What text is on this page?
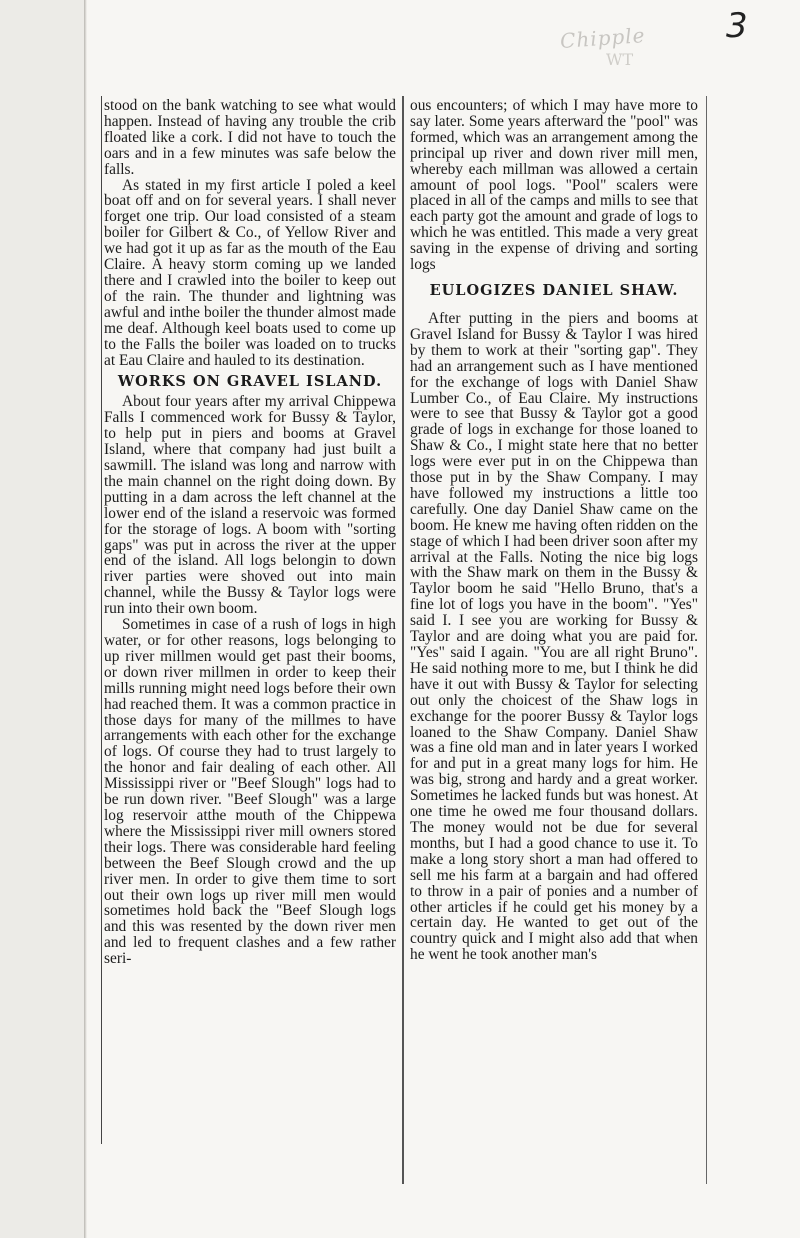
3
Chipple
WT

stood on the bank watching to see what would happen. Instead of having any trouble the crib floated like a cork. I did not have to touch the oars and in a few minutes was safe below the falls.

As stated in my first article I poled a keel boat off and on for several years. I shall never forget one trip. Our load consisted of a steam boiler for Gilbert & Co., of Yellow River and we had got it up as far as the mouth of the Eau Claire. A heavy storm coming up we landed there and I crawled into the boiler to keep out of the rain. The thunder and lightning was awful and inthe boiler the thunder almost made me deaf. Although keel boats used to come up to the Falls the boiler was loaded on to trucks at Eau Claire and hauled to its destination.

WORKS ON GRAVEL ISLAND.

About four years after my arrival Chippewa Falls I commenced work for Bussy & Taylor, to help put in piers and booms at Gravel Island, where that company had just built a sawmill. The island was long and narrow with the main channel on the right doing down. By putting in a dam across the left channel at the lower end of the island a reservoic was formed for the storage of logs. A boom with "sorting gaps" was put in across the river at the upper end of the island. All logs belongin to down river parties were shoved out into main channel, while the Bussy & Taylor logs were run into their own boom.

Sometimes in case of a rush of logs in high water, or for other reasons, logs belonging to up river millmen would get past their booms, or down river millmen in order to keep their mills running might need logs before their own had reached them. It was a common practice in those days for many of the millmes to have arrangements with each other for the exchange of logs. Of course they had to trust largely to the honor and fair dealing of each other. All Mississippi river or "Beef Slough" logs had to be run down river. "Beef Slough" was a large log reservoir atthe mouth of the Chippewa where the Mississippi river mill owners stored their logs. There was considerable hard feeling between the Beef Slough crowd and the up river men. In order to give them time to sort out their own logs up river mill men would sometimes hold back the "Beef Slough logs and this was resented by the down river men and led to frequent clashes and a few rather seri-

ous encounters; of which I may have more to say later. Some years afterward the "pool" was formed, which was an arrangement among the principal up river and down river mill men, whereby each millman was allowed a certain amount of pool logs. "Pool" scalers were placed in all of the camps and mills to see that each party got the amount and grade of logs to which he was entitled. This made a very great saving in the expense of driving and sorting logs

EULOGIZES DANIEL SHAW.

After putting in the piers and booms at Gravel Island for Bussy & Taylor I was hired by them to work at their "sorting gap". They had an arrangement such as I have mentioned for the exchange of logs with Daniel Shaw Lumber Co., of Eau Claire. My instructions were to see that Bussy & Taylor got a good grade of logs in exchange for those loaned to Shaw & Co., I might state here that no better logs were ever put in on the Chippewa than those put in by the Shaw Company. I may have followed my instructions a little too carefully. One day Daniel Shaw came on the boom. He knew me having often ridden on the stage of which I had been driver soon after my arrival at the Falls. Noting the nice big logs with the Shaw mark on them in the Bussy & Taylor boom he said "Hello Bruno, that's a fine lot of logs you have in the boom". "Yes" said I. I see you are working for Bussy & Taylor and are doing what you are paid for. "Yes" said I again. "You are all right Bruno". He said nothing more to me, but I think he did have it out with Bussy & Taylor for selecting out only the choicest of the Shaw logs in exchange for the poorer Bussy & Taylor logs loaned to the Shaw Company. Daniel Shaw was a fine old man and in later years I worked for and put in a great many logs for him. He was big, strong and hardy and a great worker. Sometimes he lacked funds but was honest. At one time he owed me four thousand dollars. The money would not be due for several months, but I had a good chance to use it. To make a long story short a man had offered to sell me his farm at a bargain and had offered to throw in a pair of ponies and a number of other articles if he could get his money by a certain day. He wanted to get out of the country quick and I might also add that when he went he took another man's
